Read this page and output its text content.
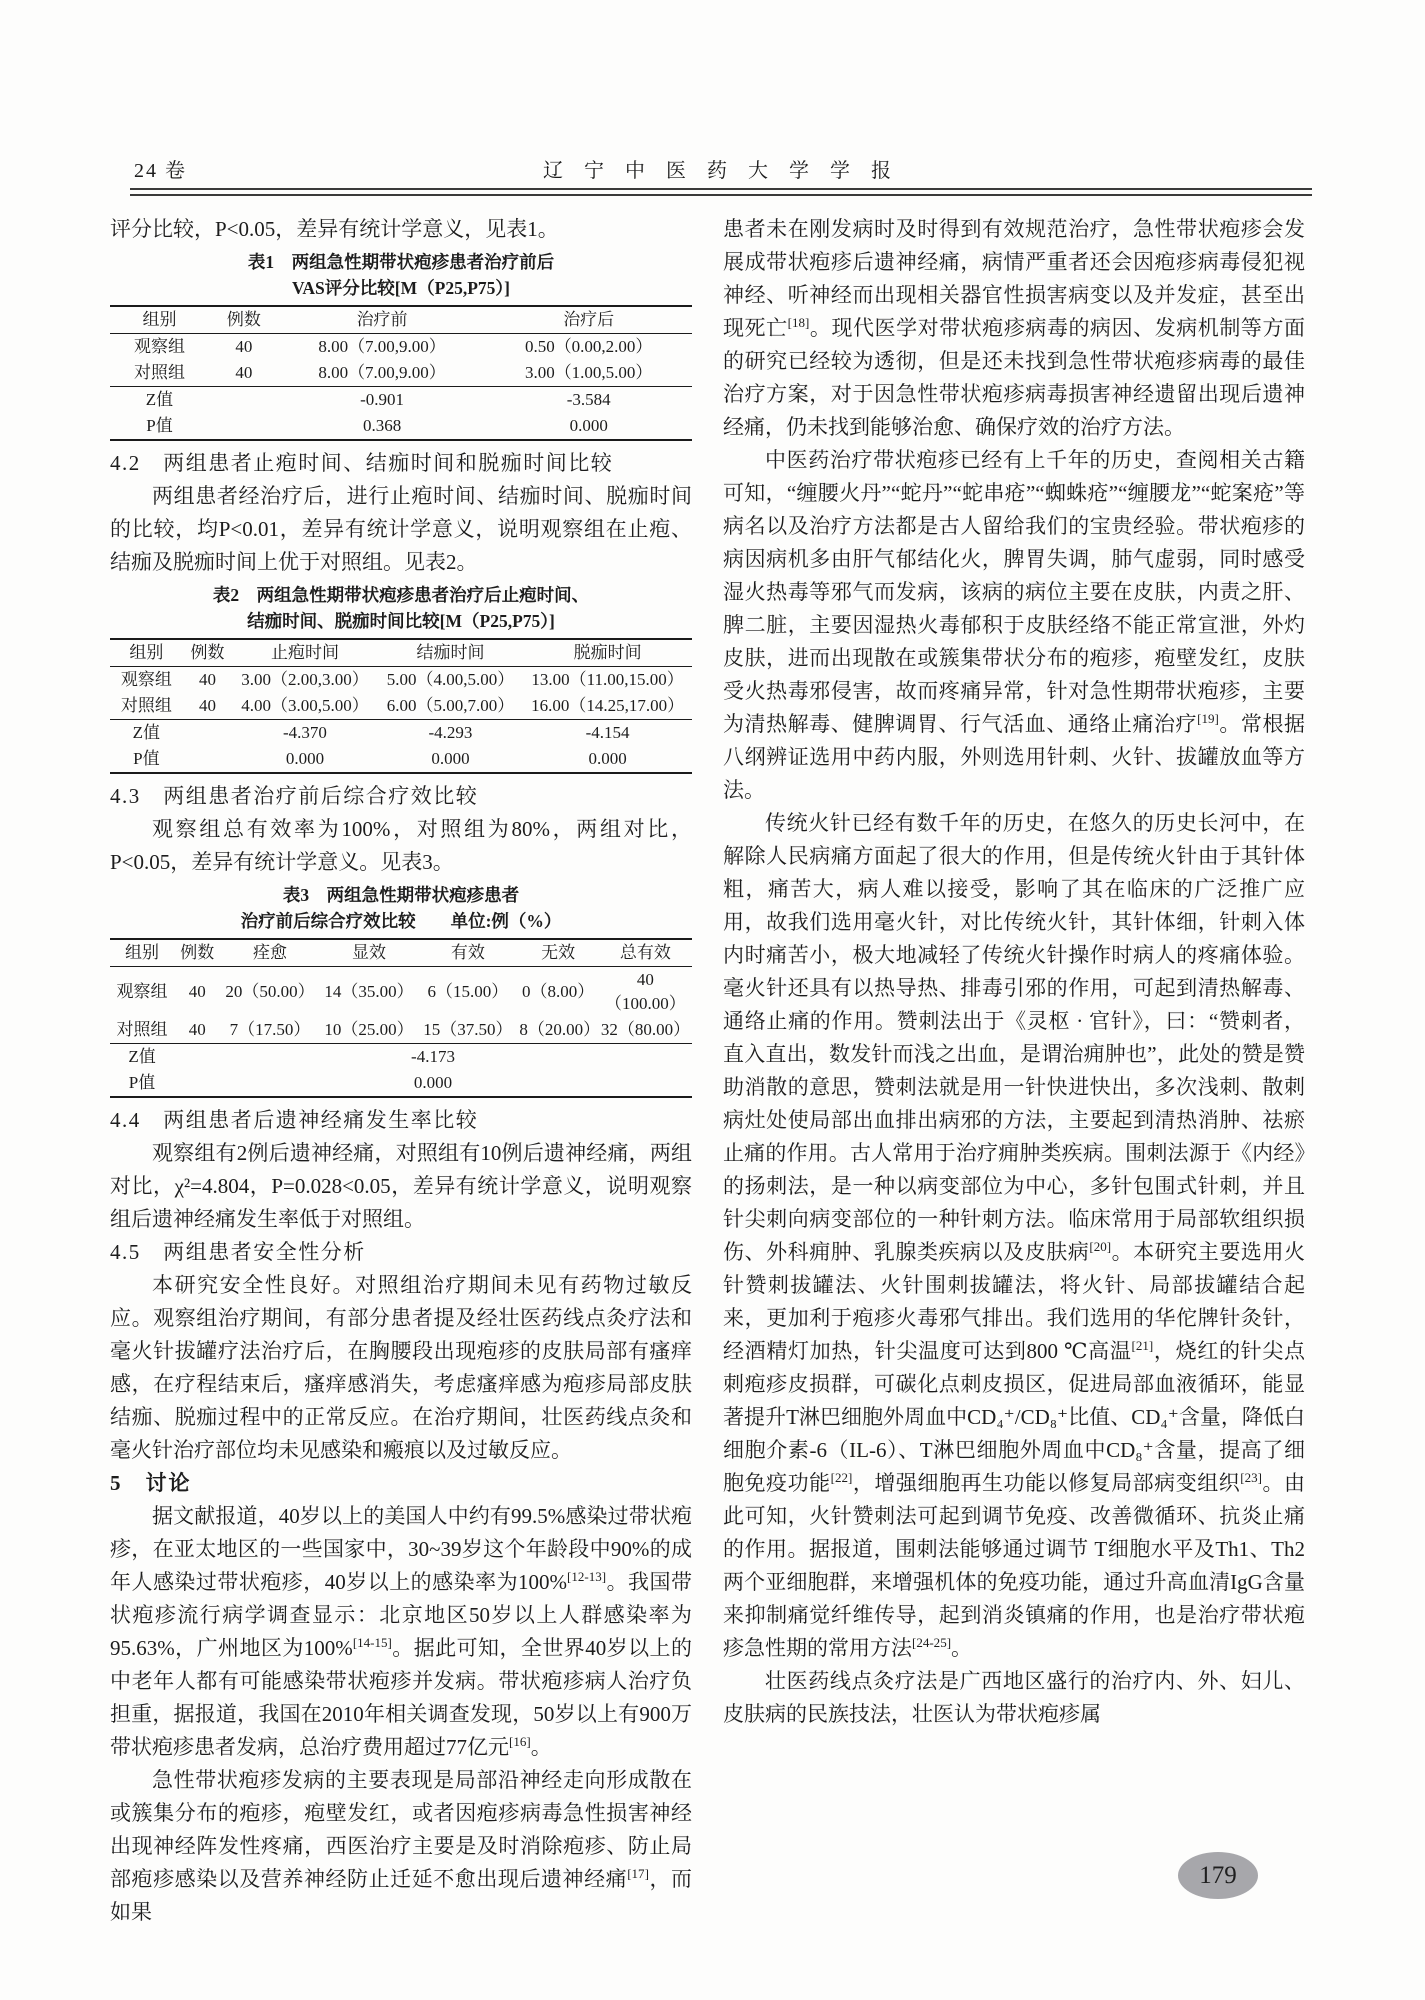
24 卷	辽 宁 中 医 药 大 学 学 报

评分比较，P<0.05，差异有统计学意义，见表1。

表1　两组急性期带状疱疹患者治疗前后
VAS评分比较[M（P25,P75）]
组别	例数	治疗前	治疗后
观察组	40	8.00（7.00,9.00）	0.50（0.00,2.00）
对照组	40	8.00（7.00,9.00）	3.00（1.00,5.00）
Z值		-0.901	-3.584
P值		0.368	0.000

4.2　两组患者止疱时间、结痂时间和脱痂时间比较

两组患者经治疗后，进行止疱时间、结痂时间、脱痂时间的比较，均P<0.01，差异有统计学意义，说明观察组在止疱、结痂及脱痂时间上优于对照组。见表2。

表2　两组急性期带状疱疹患者治疗后止疱时间、
结痂时间、脱痂时间比较[M（P25,P75）]
组别	例数	止疱时间	结痂时间	脱痂时间
观察组	40	3.00（2.00,3.00）	5.00（4.00,5.00）	13.00（11.00,15.00）
对照组	40	4.00（3.00,5.00）	6.00（5.00,7.00）	16.00（14.25,17.00）
Z值		-4.370	-4.293	-4.154
P值		0.000	0.000	0.000

4.3　两组患者治疗前后综合疗效比较

观察组总有效率为100%，对照组为80%，两组对比，P<0.05，差异有统计学意义。见表3。

表3　两组急性期带状疱疹患者
治疗前后综合疗效比较　　单位:例（%）
组别	例数	痊愈	显效	有效	无效	总有效
观察组	40	20（50.00）	14（35.00）	6（15.00）	0（8.00）	40（100.00）
对照组	40	7（17.50）	10（25.00）	15（37.50）	8（20.00）	32（80.00）
Z值	-4.173					
P值	0.000					

4.4　两组患者后遗神经痛发生率比较

观察组有2例后遗神经痛，对照组有10例后遗神经痛，两组对比，χ²=4.804，P=0.028<0.05，差异有统计学意义，说明观察组后遗神经痛发生率低于对照组。

4.5　两组患者安全性分析

本研究安全性良好。对照组治疗期间未见有药物过敏反应。观察组治疗期间，有部分患者提及经壮医药线点灸疗法和毫火针拔罐疗法治疗后，在胸腰段出现疱疹的皮肤局部有瘙痒感，在疗程结束后，瘙痒感消失，考虑瘙痒感为疱疹局部皮肤结痂、脱痂过程中的正常反应。在治疗期间，壮医药线点灸和毫火针治疗部位均未见感染和瘢痕以及过敏反应。

5　讨论

据文献报道，40岁以上的美国人中约有99.5%感染过带状疱疹，在亚太地区的一些国家中，30~39岁这个年龄段中90%的成年人感染过带状疱疹，40岁以上的感染率为100%[12-13]。我国带状疱疹流行病学调查显示：北京地区50岁以上人群感染率为95.63%，广州地区为100%[14-15]。据此可知，全世界40岁以上的中老年人都有可能感染带状疱疹并发病。带状疱疹病人治疗负担重，据报道，我国在2010年相关调查发现，50岁以上有900万带状疱疹患者发病，总治疗费用超过77亿元[16]。

急性带状疱疹发病的主要表现是局部沿神经走向形成散在或簇集分布的疱疹，疱壁发红，或者因疱疹病毒急性损害神经出现神经阵发性疼痛，西医治疗主要是及时消除疱疹、防止局部疱疹感染以及营养神经防止迁延不愈出现后遗神经痛[17]，而如果

患者未在刚发病时及时得到有效规范治疗，急性带状疱疹会发展成带状疱疹后遗神经痛，病情严重者还会因疱疹病毒侵犯视神经、听神经而出现相关器官性损害病变以及并发症，甚至出现死亡[18]。现代医学对带状疱疹病毒的病因、发病机制等方面的研究已经较为透彻，但是还未找到急性带状疱疹病毒的最佳治疗方案，对于因急性带状疱疹病毒损害神经遗留出现后遗神经痛，仍未找到能够治愈、确保疗效的治疗方法。

中医药治疗带状疱疹已经有上千年的历史，查阅相关古籍可知，“缠腰火丹”“蛇丹”“蛇串疮”“蜘蛛疮”“缠腰龙”“蛇案疮”等病名以及治疗方法都是古人留给我们的宝贵经验。带状疱疹的病因病机多由肝气郁结化火，脾胃失调，肺气虚弱，同时感受湿火热毒等邪气而发病，该病的病位主要在皮肤，内责之肝、脾二脏，主要因湿热火毒郁积于皮肤经络不能正常宣泄，外灼皮肤，进而出现散在或簇集带状分布的疱疹，疱壁发红，皮肤受火热毒邪侵害，故而疼痛异常，针对急性期带状疱疹，主要为清热解毒、健脾调胃、行气活血、通络止痛治疗[19]。常根据八纲辨证选用中药内服，外则选用针刺、火针、拔罐放血等方法。

传统火针已经有数千年的历史，在悠久的历史长河中，在解除人民病痛方面起了很大的作用，但是传统火针由于其针体粗，痛苦大，病人难以接受，影响了其在临床的广泛推广应用，故我们选用毫火针，对比传统火针，其针体细，针刺入体内时痛苦小，极大地减轻了传统火针操作时病人的疼痛体验。毫火针还具有以热导热、排毒引邪的作用，可起到清热解毒、通络止痛的作用。赞刺法出于《灵枢 · 官针》，曰：“赞刺者，直入直出，数发针而浅之出血，是谓治痈肿也”，此处的赞是赞助消散的意思，赞刺法就是用一针快进快出，多次浅刺、散刺病灶处使局部出血排出病邪的方法，主要起到清热消肿、祛瘀止痛的作用。古人常用于治疗痈肿类疾病。围刺法源于《内经》的扬刺法，是一种以病变部位为中心，多针包围式针刺，并且针尖刺向病变部位的一种针刺方法。临床常用于局部软组织损伤、外科痈肿、乳腺类疾病以及皮肤病[20]。本研究主要选用火针赞刺拔罐法、火针围刺拔罐法，将火针、局部拔罐结合起来，更加利于疱疹火毒邪气排出。我们选用的华佗牌针灸针，经酒精灯加热，针尖温度可达到800 ℃高温[21]，烧红的针尖点刺疱疹皮损群，可碳化点刺皮损区，促进局部血液循环，能显著提升T淋巴细胞外周血中CD₄⁺/CD₈⁺比值、CD₄⁺含量，降低白细胞介素-6（IL-6）、T淋巴细胞外周血中CD₈⁺含量，提高了细胞免疫功能[22]，增强细胞再生功能以修复局部病变组织[23]。由此可知，火针赞刺法可起到调节免疫、改善微循环、抗炎止痛的作用。据报道，围刺法能够通过调节 T细胞水平及Th1、Th2两个亚细胞群，来增强机体的免疫功能，通过升高血清IgG含量来抑制痛觉纤维传导，起到消炎镇痛的作用，也是治疗带状疱疹急性期的常用方法[24-25]。

壮医药线点灸疗法是广西地区盛行的治疗内、外、妇儿、皮肤病的民族技法，壮医认为带状疱疹属

179
